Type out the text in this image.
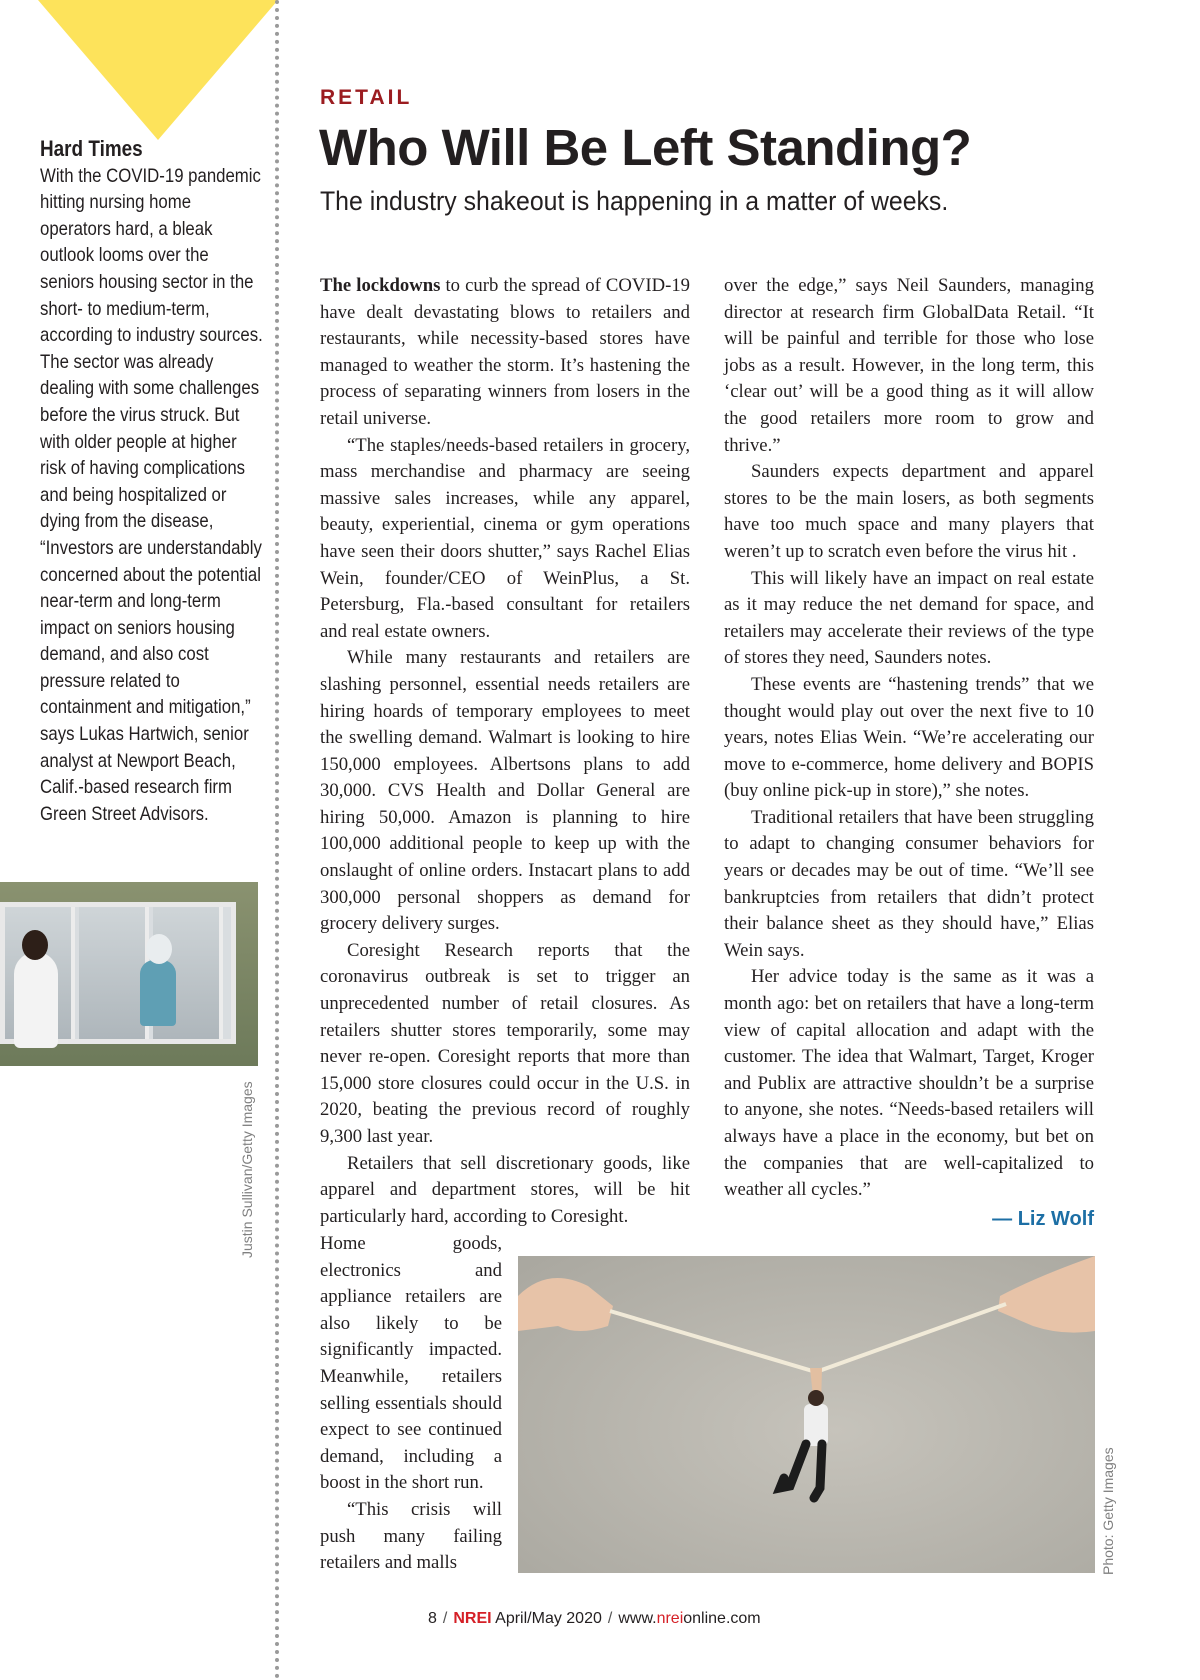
Hard Times
With the COVID-19 pandemic hitting nursing home operators hard, a bleak outlook looms over the seniors housing sector in the short- to medium-term, according to industry sources. The sector was already dealing with some challenges before the virus struck. But with older people at higher risk of having complications and being hospitalized or dying from the disease, “Investors are understandably concerned about the potential near-term and long-term impact on seniors housing demand, and also cost pressure related to containment and mitigation,” says Lukas Hartwich, senior analyst at Newport Beach, Calif.-based research firm Green Street Advisors.
Justin Sullivan/Getty Images
RETAIL
Who Will Be Left Standing?
The industry shakeout is happening in a matter of weeks.

The lockdowns to curb the spread of COVID-19 have dealt devastating blows to retailers and restaurants, while necessity-based stores have managed to weather the storm. It’s hastening the process of separating winners from losers in the retail universe.

“The staples/needs-based retailers in grocery, mass merchandise and pharmacy are seeing massive sales increases, while any apparel, beauty, experiential, cinema or gym operations have seen their doors shutter,” says Rachel Elias Wein, founder/CEO of WeinPlus, a St. Petersburg, Fla.-based consultant for retailers and real estate owners.

While many restaurants and retailers are slashing personnel, essential needs retailers are hiring hoards of temporary employees to meet the swelling demand. Walmart is looking to hire 150,000 employees. Albertsons plans to add 30,000. CVS Health and Dollar General are hiring 50,000. Amazon is planning to hire 100,000 additional people to keep up with the onslaught of online orders. Instacart plans to add 300,000 personal shoppers as demand for grocery delivery surges.

Coresight Research reports that the coronavirus outbreak is set to trigger an unprecedented number of retail closures. As retailers shutter stores temporarily, some may never re-open. Coresight reports that more than 15,000 store closures could occur in the U.S. in 2020, beating the previous record of roughly 9,300 last year.

Retailers that sell discretionary goods, like apparel and department stores, will be hit particularly hard, according to Coresight.

Home goods, electronics and appliance retailers are also likely to be significantly impacted. Meanwhile, retailers selling essentials should expect to see continued demand, including a boost in the short run.

“This crisis will push many failing retailers and malls

over the edge,” says Neil Saunders, managing director at research firm GlobalData Retail. “It will be painful and terrible for those who lose jobs as a result. However, in the long term, this ‘clear out’ will be a good thing as it will allow the good retailers more room to grow and thrive.”

Saunders expects department and apparel stores to be the main losers, as both segments have too much space and many players that weren’t up to scratch even before the virus hit .

This will likely have an impact on real estate as it may reduce the net demand for space, and retailers may accelerate their reviews of the type of stores they need, Saunders notes.

These events are “hastening trends” that we thought would play out over the next five to 10 years, notes Elias Wein. “We’re accelerating our move to e-commerce, home delivery and BOPIS (buy online pick-up in store),” she notes.

Traditional retailers that have been struggling to adapt to changing consumer behaviors for years or decades may be out of time. “We’ll see bankruptcies from retailers that didn’t protect their balance sheet as they should have,” Elias Wein says.

Her advice today is the same as it was a month ago: bet on retailers that have a long-term view of capital allocation and adapt with the customer. The idea that Walmart, Target, Kroger and Publix are attractive shouldn’t be a surprise to anyone, she notes. “Needs-based retailers will always have a place in the economy, but bet on the companies that are well-capitalized to weather all cycles.”

— Liz Wolf
Photo: Getty Images
8 / NREI April/May 2020 / www.nreionline.com
